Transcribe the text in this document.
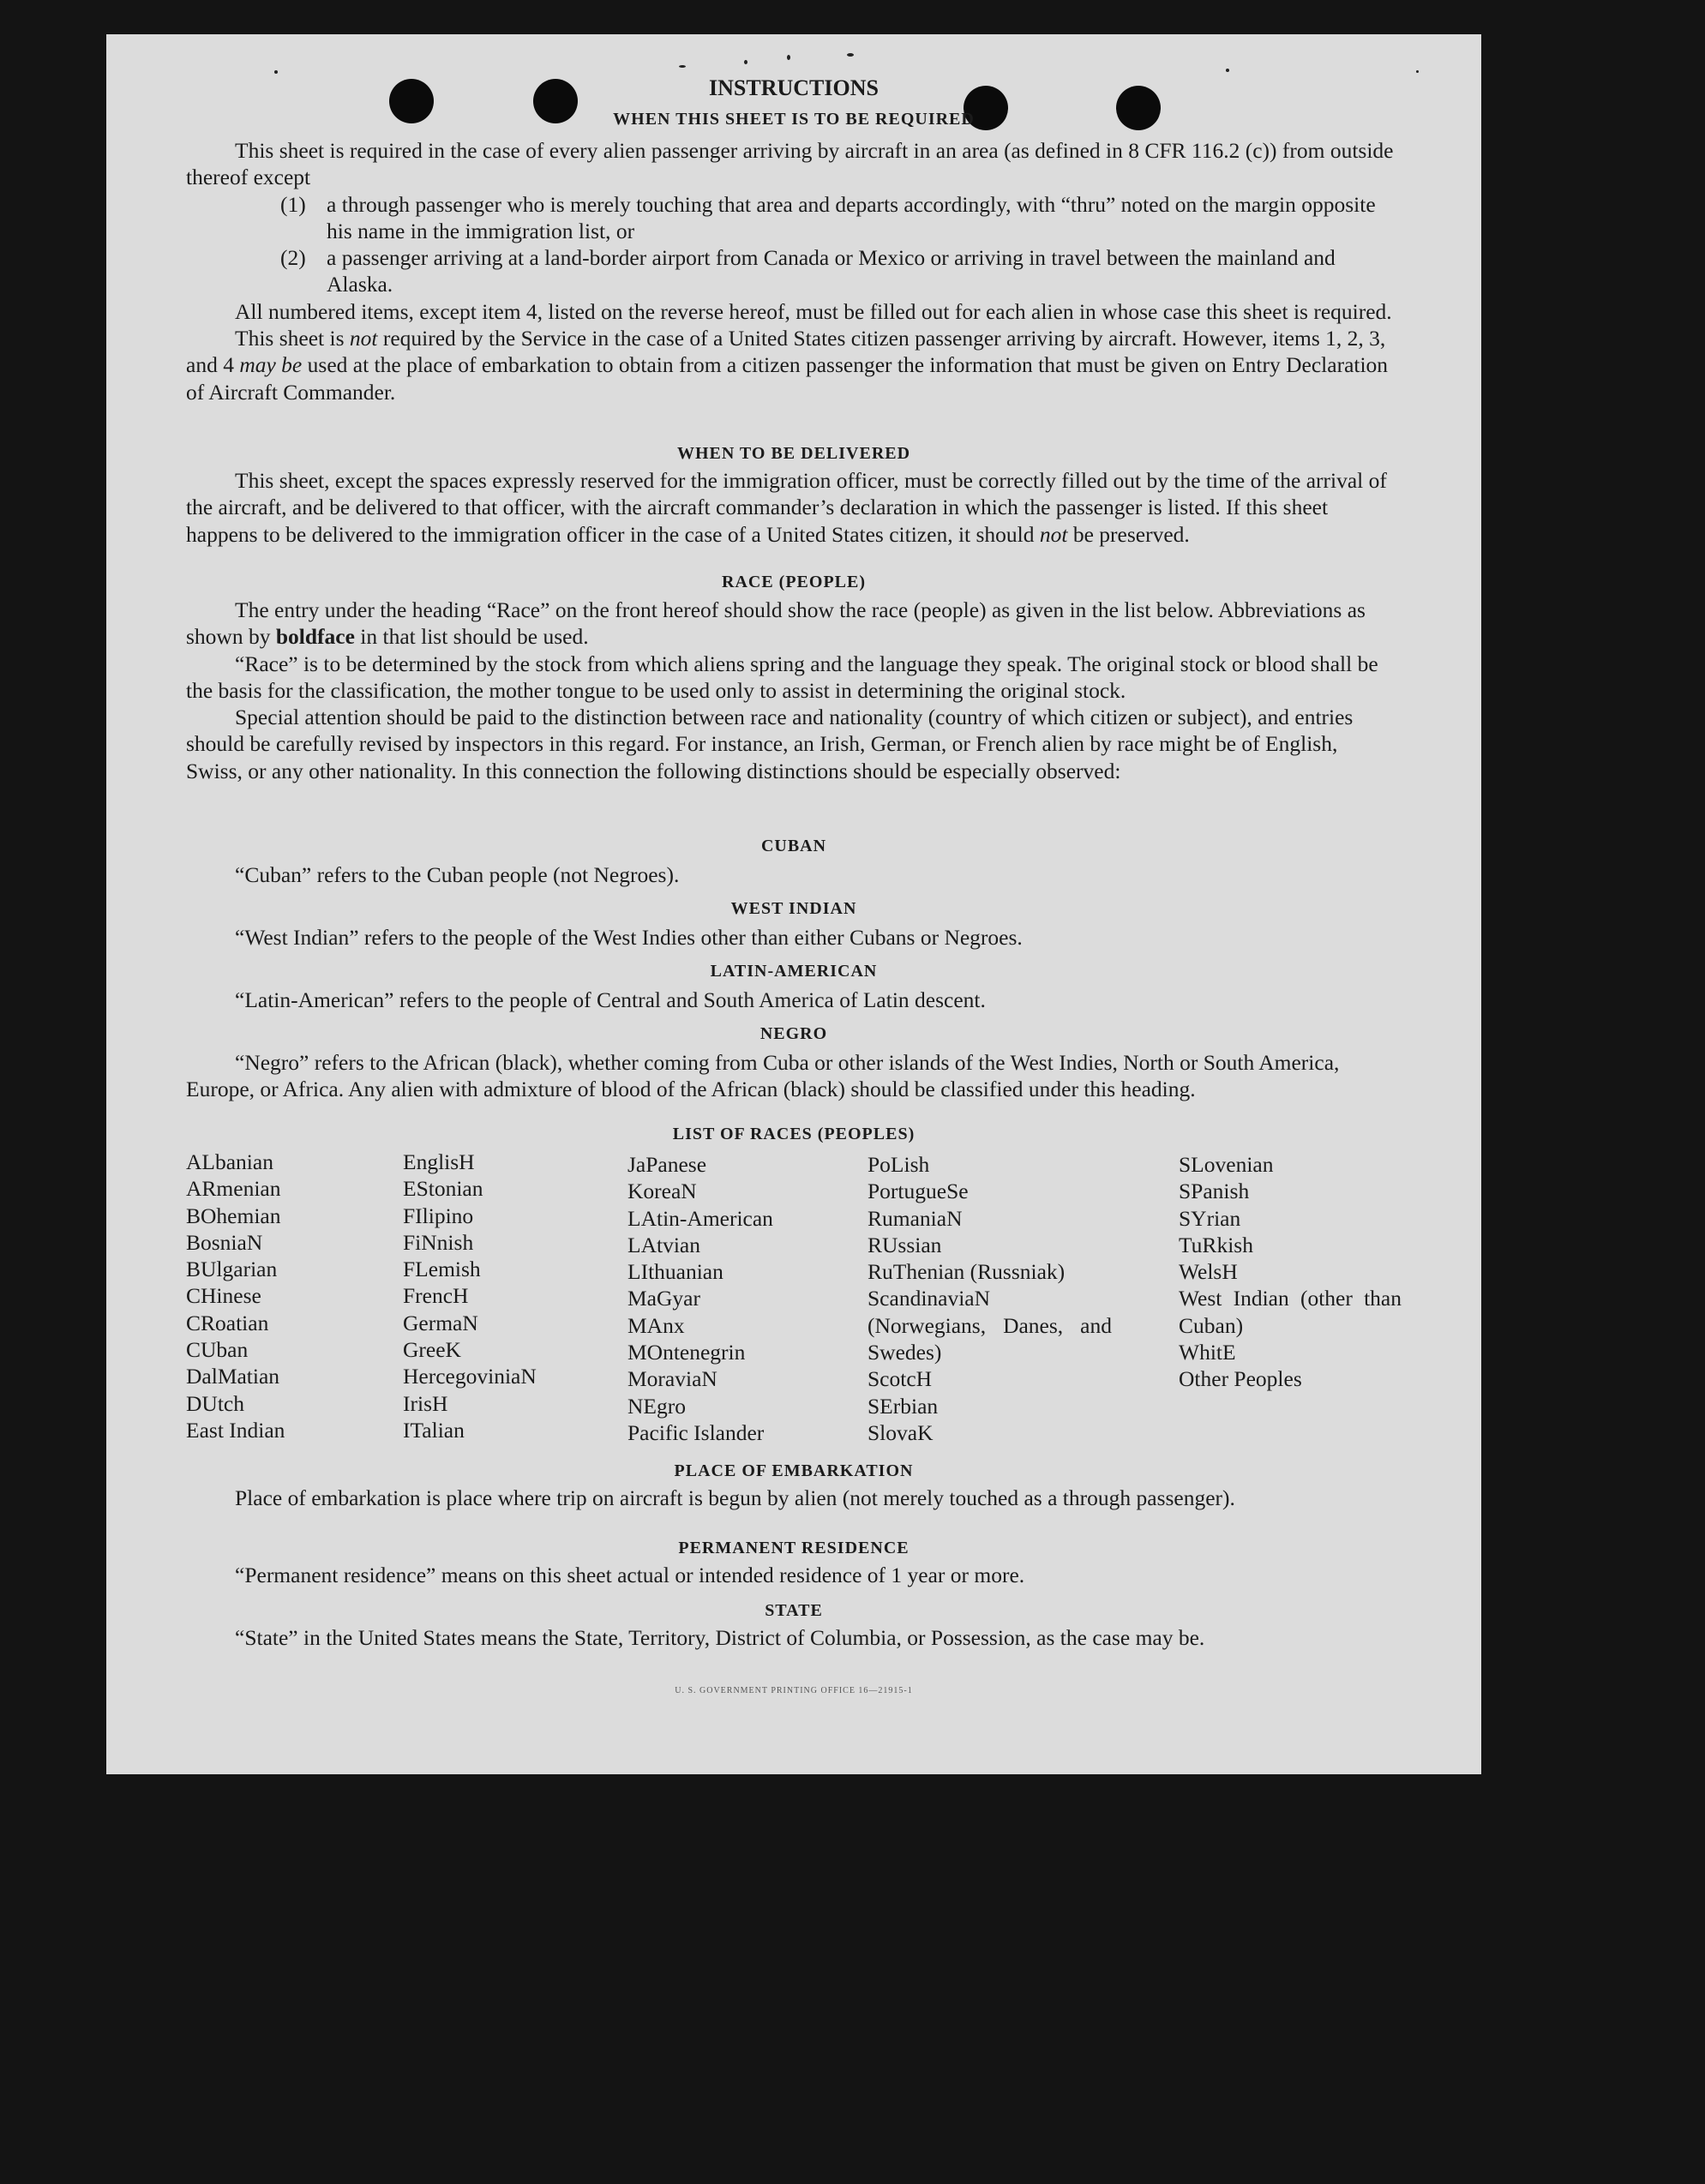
INSTRUCTIONS
WHEN THIS SHEET IS TO BE REQUIRED

This sheet is required in the case of every alien passenger arriving by aircraft in an area (as defined in 8 CFR 116.2 (c)) from outside thereof except

(1) a through passenger who is merely touching that area and departs accordingly, with “thru” noted on the margin opposite his name in the immigration list, or
(2) a passenger arriving at a land-border airport from Canada or Mexico or arriving in travel between the mainland and Alaska.

All numbered items, except item 4, listed on the reverse hereof, must be filled out for each alien in whose case this sheet is required.

This sheet is not required by the Service in the case of a United States citizen passenger arriving by aircraft. However, items 1, 2, 3, and 4 may be used at the place of embarkation to obtain from a citizen passenger the information that must be given on Entry Declaration of Aircraft Commander.

WHEN TO BE DELIVERED

This sheet, except the spaces expressly reserved for the immigration officer, must be correctly filled out by the time of the arrival of the aircraft, and be delivered to that officer, with the aircraft commander’s declaration in which the passenger is listed. If this sheet happens to be delivered to the immigration officer in the case of a United States citizen, it should not be preserved.

RACE (PEOPLE)

The entry under the heading “Race” on the front hereof should show the race (people) as given in the list below. Abbreviations as shown by boldface in that list should be used.

“Race” is to be determined by the stock from which aliens spring and the language they speak. The original stock or blood shall be the basis for the classification, the mother tongue to be used only to assist in determining the original stock.

Special attention should be paid to the distinction between race and nationality (country of which citizen or subject), and entries should be carefully revised by inspectors in this regard. For instance, an Irish, German, or French alien by race might be of English, Swiss, or any other nationality. In this connection the following distinctions should be especially observed:

CUBAN

“Cuban” refers to the Cuban people (not Negroes).

WEST INDIAN

“West Indian” refers to the people of the West Indies other than either Cubans or Negroes.

LATIN-AMERICAN

“Latin-American” refers to the people of Central and South America of Latin descent.

NEGRO

“Negro” refers to the African (black), whether coming from Cuba or other islands of the West Indies, North or South America, Europe, or Africa. Any alien with admixture of blood of the African (black) should be classified under this heading.

LIST OF RACES (PEOPLES)
ALbanian
ARmenian
BOhemian
BosniaN
BUlgarian
CHinese
CRoatian
CUban
DalMatian
DUtch
East Indian
EnglisH
EStonian
FIlipino
FiNnish
FLemish
FrencH
GermaN
GreeK
HercegoviniaN
IrisH
ITalian
JaPanese
KoreaN
LAtin-American
LAtvian
LIthuanian
MaGyar
MAnx
MOntenegrin
MoraviaN
NEgro
Pacific Islander
PoLish
PortugueSe
RumaniaN
RUssian
RuThenian (Russniak)
ScandinaviaN (Norwegians, Danes, and Swedes)
ScotcH
SErbian
SlovaK
SLovenian
SPanish
SYrian
TuRkish
WelsH
West Indian (other than Cuban)
WhitE
Other Peoples
PLACE OF EMBARKATION

Place of embarkation is place where trip on aircraft is begun by alien (not merely touched as a through passenger).

PERMANENT RESIDENCE

“Permanent residence” means on this sheet actual or intended residence of 1 year or more.

STATE

“State” in the United States means the State, Territory, District of Columbia, or Possession, as the case may be.

U. S. GOVERNMENT PRINTING OFFICE 16—21915-1
